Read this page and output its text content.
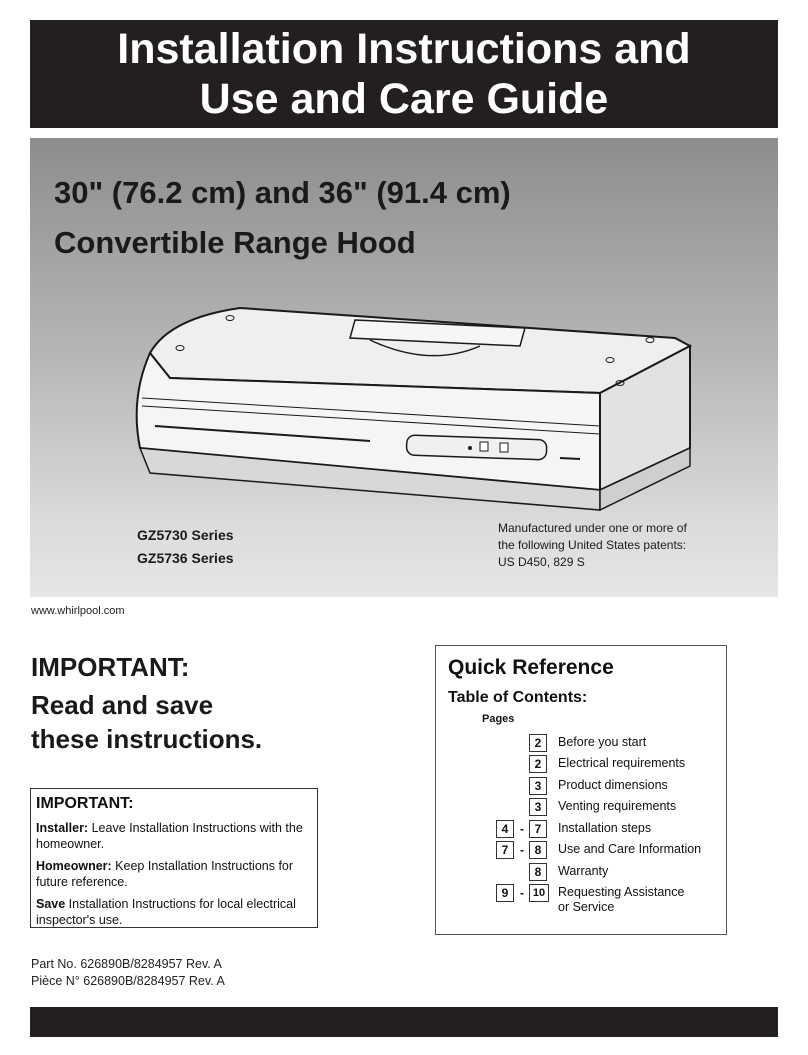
Installation Instructions and
Use and Care Guide
30" (76.2 cm) and 36" (91.4 cm)
Convertible Range Hood
GZ5730 Series
GZ5736 Series
Manufactured under one or more of
the following United States patents:
US D450, 829 S
www.whirlpool.com
IMPORTANT:
Read and save
these instructions.
IMPORTANT:

Installer: Leave Installation Instructions with the homeowner.

Homeowner: Keep Installation Instructions for future reference.

Save Installation Instructions for local electrical inspector's use.

Part No. 626890B/8284957 Rev. A
Pièce N° 626890B/8284957 Rev. A
Quick Reference
Table of Contents:
Pages
2	Before you start
2	Electrical requirements
3	Product dimensions
3	Venting requirements
4 - 7	Installation steps
7 - 8	Use and Care Information
8	Warranty
9 - 10	Requesting Assistance
or Service
